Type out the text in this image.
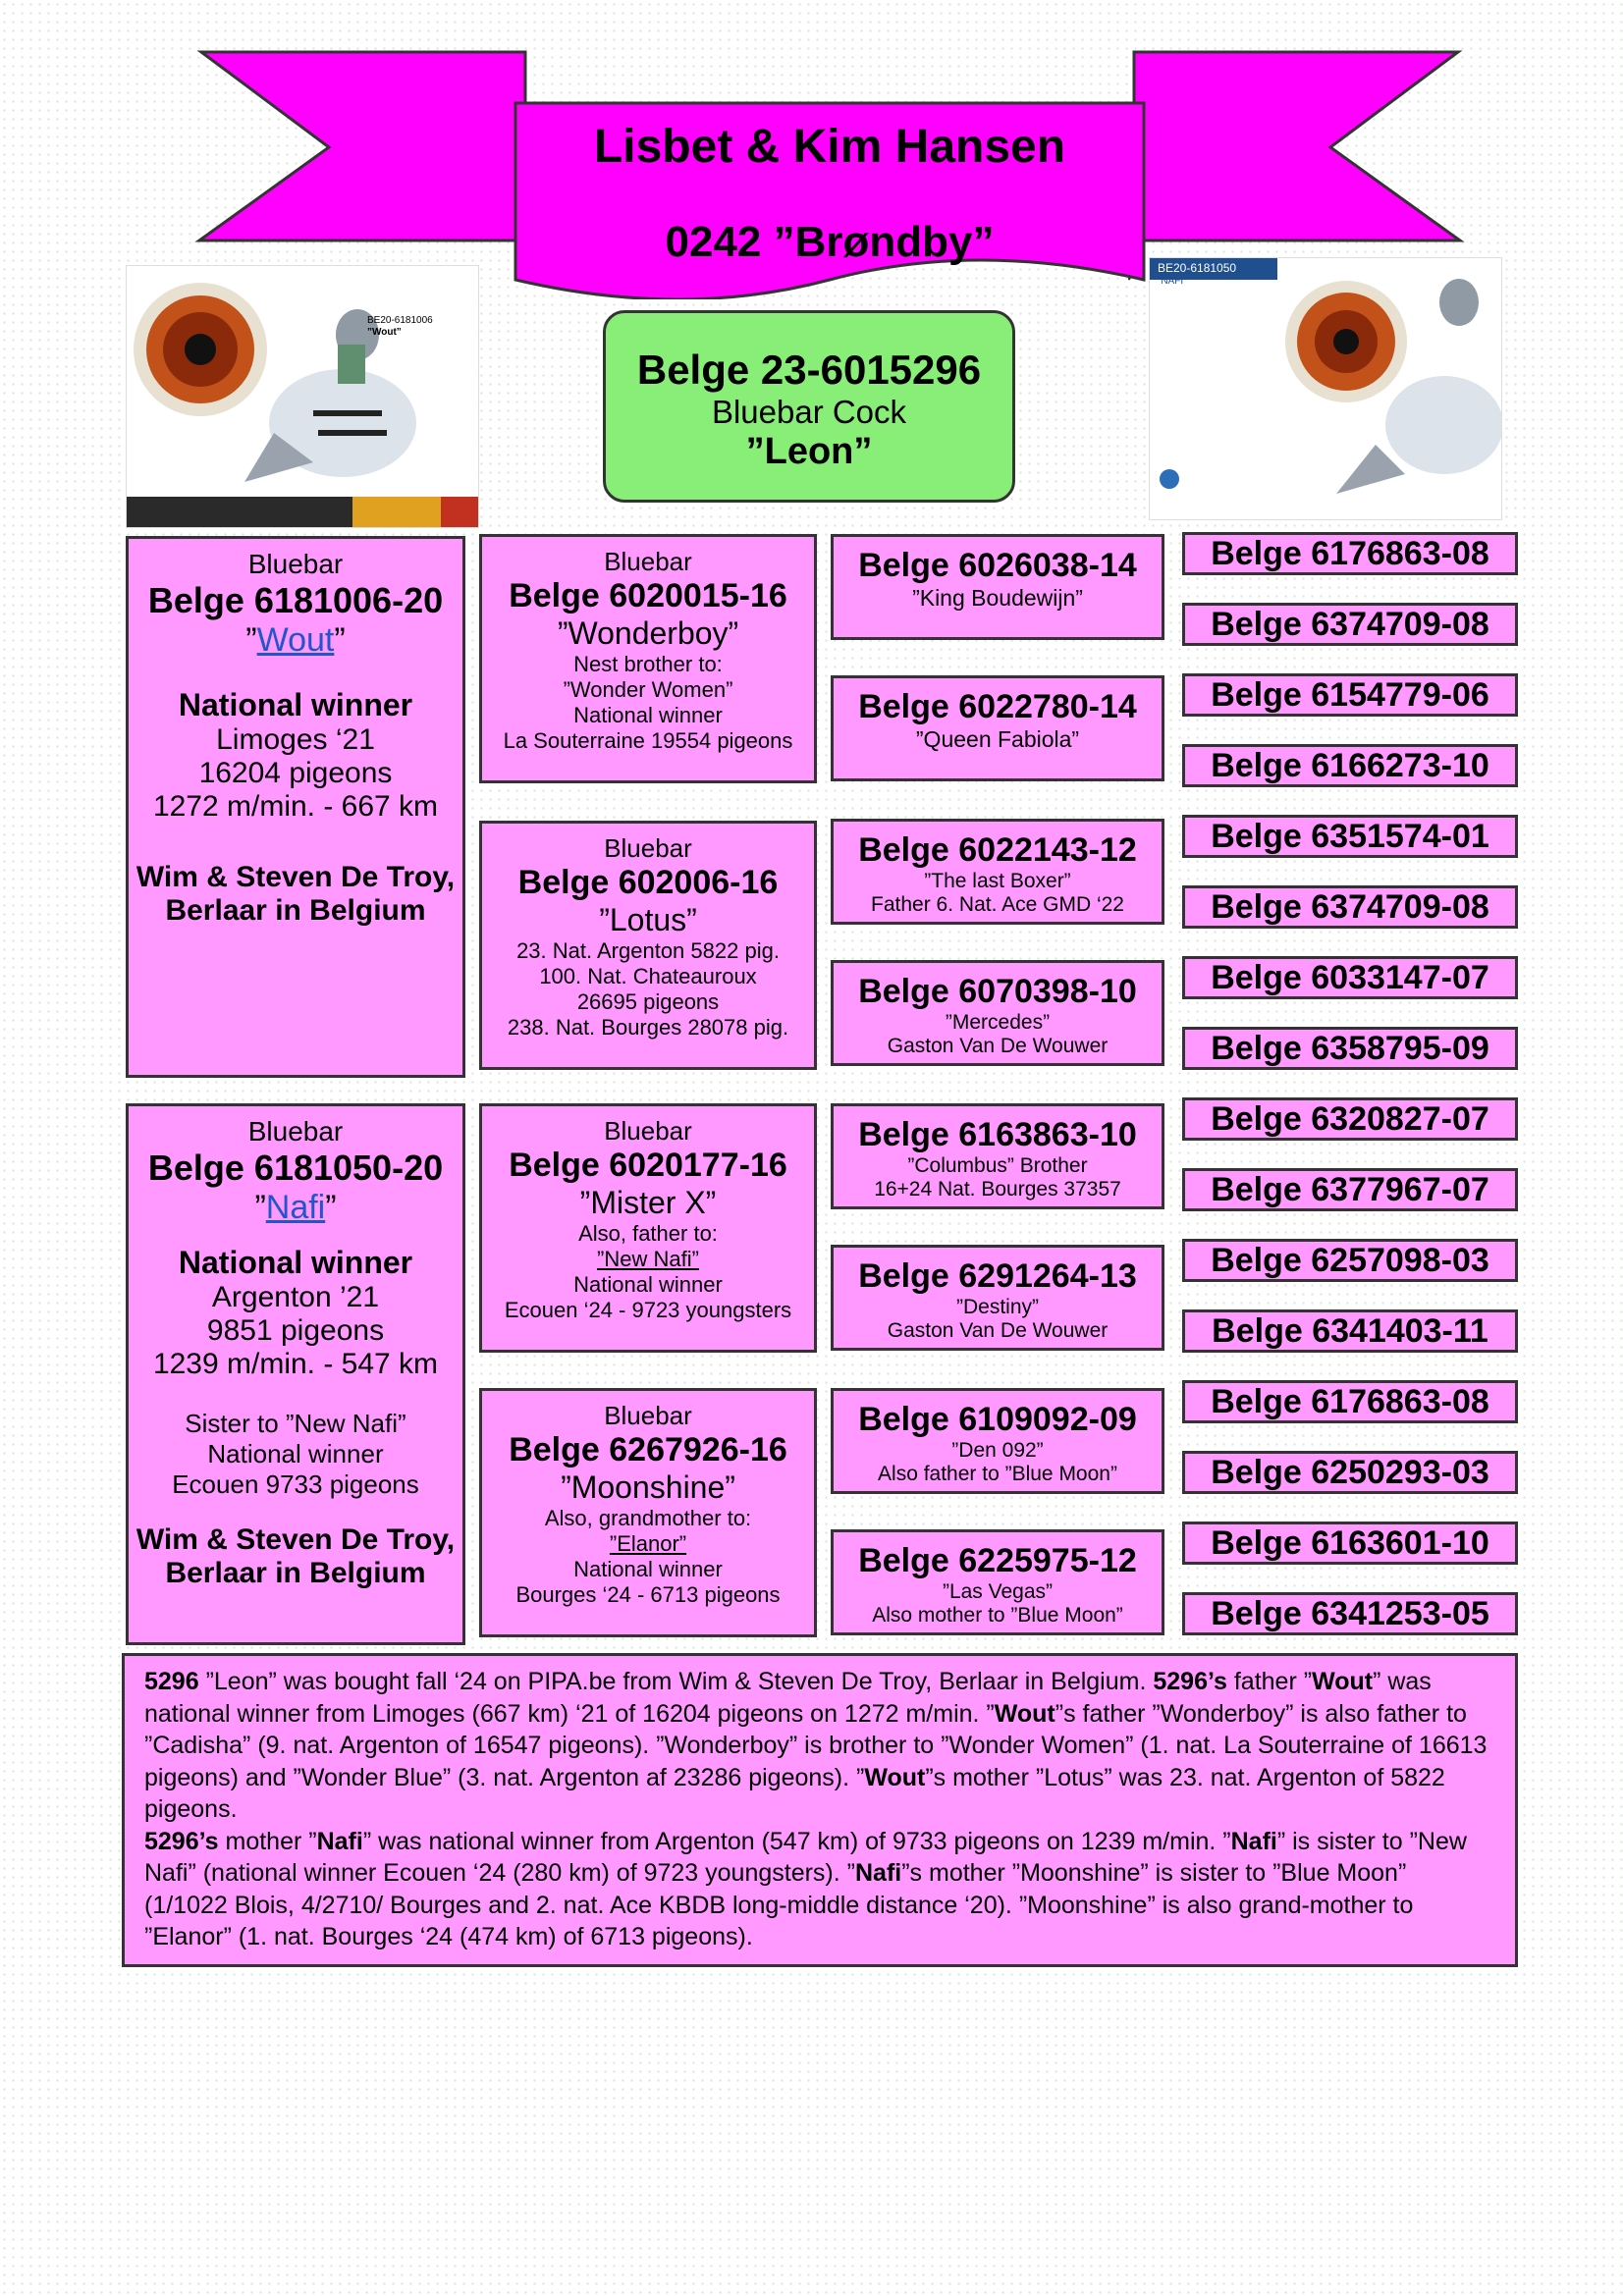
Lisbet & Kim Hansen
0242 ”Brøndby”
BE20-6181006
”Wout”
BE20-6181050
”NAFI”
Belge 23-6015296
Bluebar Cock
”Leon”
Bluebar
Belge 6181006-20
”Wout”
National winner
Limoges ‘21
16204 pigeons
1272 m/min. - 667 km
Wim & Steven De Troy,
Berlaar in Belgium
Bluebar
Belge 6181050-20
”Nafi”
National winner
Argenton ’21
9851 pigeons
1239 m/min. - 547 km
Sister to ”New Nafi”
National winner
Ecouen 9733 pigeons
Wim & Steven De Troy,
Berlaar in Belgium
Bluebar
Belge 6020015-16
”Wonderboy”
Nest brother to:
”Wonder Women”
National winner
La Souterraine 19554 pigeons
Bluebar
Belge 602006-16
”Lotus”
23. Nat. Argenton 5822 pig.
100. Nat. Chateauroux
26695 pigeons
238. Nat. Bourges 28078 pig.
Bluebar
Belge 6020177-16
”Mister X”
Also, father to:
”New Nafi”
National winner
Ecouen ‘24 - 9723 youngsters
Bluebar
Belge 6267926-16
”Moonshine”
Also, grandmother to:
”Elanor”
National winner
Bourges ‘24 - 6713 pigeons
Belge 6026038-14
”King Boudewijn”
Belge 6022780-14
”Queen Fabiola”
Belge 6022143-12
”The last Boxer”
Father 6. Nat. Ace GMD ‘22
Belge 6070398-10
”Mercedes”
Gaston Van De Wouwer
Belge 6163863-10
”Columbus” Brother
16+24 Nat. Bourges 37357
Belge 6291264-13
”Destiny”
Gaston Van De Wouwer
Belge 6109092-09
”Den 092”
Also father to ”Blue Moon”
Belge 6225975-12
”Las Vegas”
Also mother to ”Blue Moon”
Belge 6176863-08
Belge 6374709-08
Belge 6154779-06
Belge 6166273-10
Belge 6351574-01
Belge 6374709-08
Belge 6033147-07
Belge 6358795-09
Belge 6320827-07
Belge 6377967-07
Belge 6257098-03
Belge 6341403-11
Belge 6176863-08
Belge 6250293-03
Belge 6163601-10
Belge 6341253-05

5296 ”Leon” was bought fall ‘24 on PIPA.be from Wim & Steven De Troy, Berlaar in Belgium. 5296’s father ”Wout” was national winner from Limoges (667 km) ‘21 of 16204 pigeons on 1272 m/min. ”Wout”s father ”Wonderboy” is also father to ”Cadisha” (9. nat. Argenton of 16547 pigeons). ”Wonderboy” is brother to ”Wonder Women” (1. nat. La Souterraine of 16613 pigeons) and ”Wonder Blue” (3. nat. Argenton af 23286 pigeons). ”Wout”s mother ”Lotus” was 23. nat. Argenton of 5822 pigeons.

5296’s mother ”Nafi” was national winner from Argenton (547 km) of 9733 pigeons on 1239 m/min. ”Nafi” is sister to ”New Nafi” (national winner Ecouen ‘24 (280 km) of 9723 youngsters). ”Nafi”s mother ”Moonshine” is sister to ”Blue Moon” (1/1022 Blois, 4/2710/ Bourges and 2. nat. Ace KBDB long-middle distance ‘20). ”Moonshine” is also grand-mother to ”Elanor” (1. nat. Bourges ‘24 (474 km) of 6713 pigeons).
